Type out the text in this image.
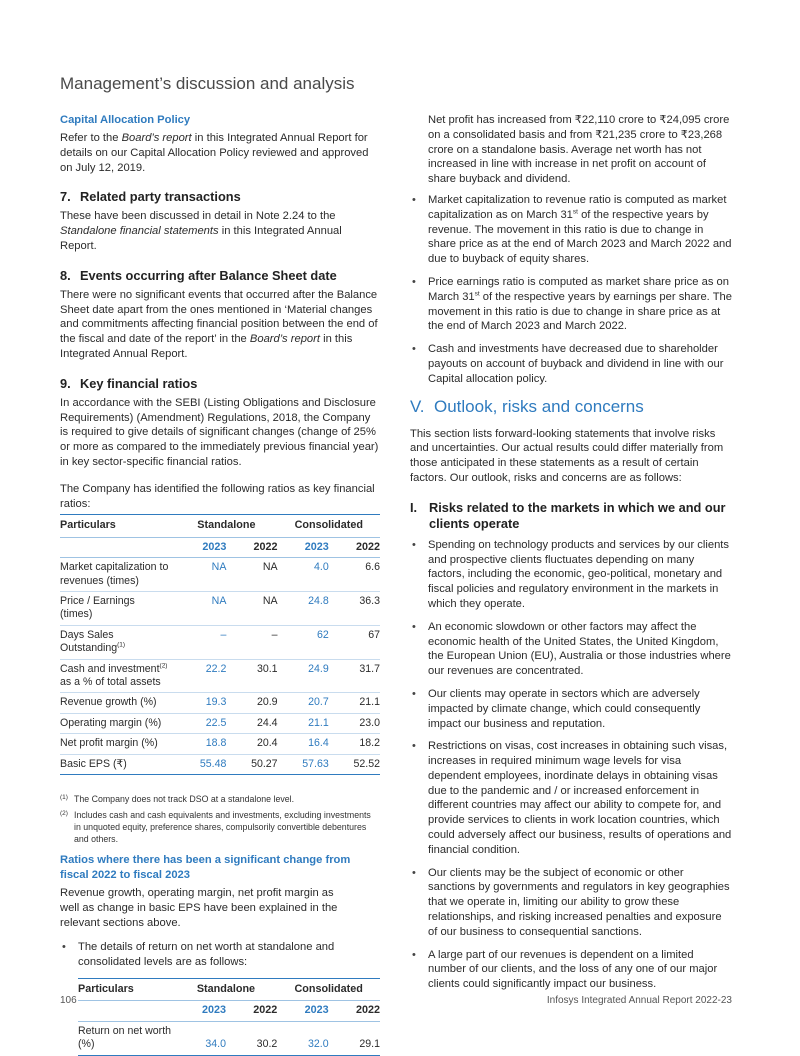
Management’s discussion and analysis
Capital Allocation Policy

Refer to the Board’s report in this Integrated Annual Report for details on our Capital Allocation Policy reviewed and approved on July 12, 2019.

7. Related party transactions

These have been discussed in detail in Note 2.24 to the Standalone financial statements in this Integrated Annual Report.

8. Events occurring after Balance Sheet date

There were no significant events that occurred after the Balance Sheet date apart from the ones mentioned in ‘Material changes and commitments affecting financial position between the end of the fiscal and date of the report’ in the Board’s report in this Integrated Annual Report.

9. Key financial ratios

In accordance with the SEBI (Listing Obligations and Disclosure Requirements) (Amendment) Regulations, 2018, the Company is required to give details of significant changes (change of 25% or more as compared to the immediately previous financial year) in key sector-specific financial ratios.

The Company has identified the following ratios as key financial ratios:

Particulars	Standalone		Consolidated	
	2023	2022	2023	2022
Market capitalization to revenues (times)	NA	NA	4.0	6.6
Price / Earnings (times)	NA	NA	24.8	36.3
Days Sales Outstanding$^{(1)}$	–	–	62	67
Cash and investment$^{(2)}$ as a % of total assets	22.2	30.1	24.9	31.7
Revenue growth (%)	19.3	20.9	20.7	21.1
Operating margin (%)	22.5	24.4	21.1	23.0
Net profit margin (%)	18.8	20.4	16.4	18.2
Basic EPS (₹)	55.48	50.27	57.63	52.52
(1) The Company does not track DSO at a standalone level.
(2) Includes cash and cash equivalents and investments, excluding investments in unquoted equity, preference shares, compulsorily convertible debentures and others.
Ratios where there has been a significant change from fiscal 2022 to fiscal 2023

Revenue growth, operating margin, net profit margin as well as change in basic EPS have been explained in the relevant sections above.

• The details of return on net worth at standalone and consolidated levels are as follows:
Particulars	Standalone		Consolidated	
	2023	2022	2023	2022
Return on net worth (%)	34.0	30.2	32.0	29.1

Net profit has increased from ₹22,110 crore to ₹24,095 crore on a consolidated basis and from ₹21,235 crore to ₹23,268 crore on a standalone basis. Average net worth has not increased in line with increase in net profit on account of share buyback and dividend.

• Market capitalization to revenue ratio is computed as market capitalization as on March 31st of the respective years by revenue. The movement in this ratio is due to change in share price as at the end of March 2023 and March 2022 and due to buyback of equity shares.
• Price earnings ratio is computed as market share price as on March 31st of the respective years by earnings per share. The movement in this ratio is due to change in share price as at the end of March 2023 and March 2022.
• Cash and investments have decreased due to shareholder payouts on account of buyback and dividend in line with our Capital allocation policy.
V. Outlook, risks and concerns

This section lists forward-looking statements that involve risks and uncertainties. Our actual results could differ materially from those anticipated in these statements as a result of certain factors. Our outlook, risks and concerns are as follows:

I. Risks related to the markets in which we and our clients operate
• Spending on technology products and services by our clients and prospective clients fluctuates depending on many factors, including the economic, geo-political, monetary and fiscal policies and regulatory environment in the markets in which they operate.
• An economic slowdown or other factors may affect the economic health of the United States, the United Kingdom, the European Union (EU), Australia or those industries where our revenues are concentrated.
• Our clients may operate in sectors which are adversely impacted by climate change, which could consequently impact our business and reputation.
• Restrictions on visas, cost increases in obtaining such visas, increases in required minimum wage levels for visa dependent employees, inordinate delays in obtaining visas due to the pandemic and / or increased enforcement in different countries may affect our ability to compete for, and provide services to clients in work location countries, which could adversely affect our business, results of operations and financial condition.
• Our clients may be the subject of economic or other sanctions by governments and regulators in key geographies that we operate in, limiting our ability to grow these relationships, and risking increased penalties and exposure of our business to consequential sanctions.
• A large part of our revenues is dependent on a limited number of our clients, and the loss of any one of our major clients could significantly impact our business.
106	Infosys Integrated Annual Report 2022-23
